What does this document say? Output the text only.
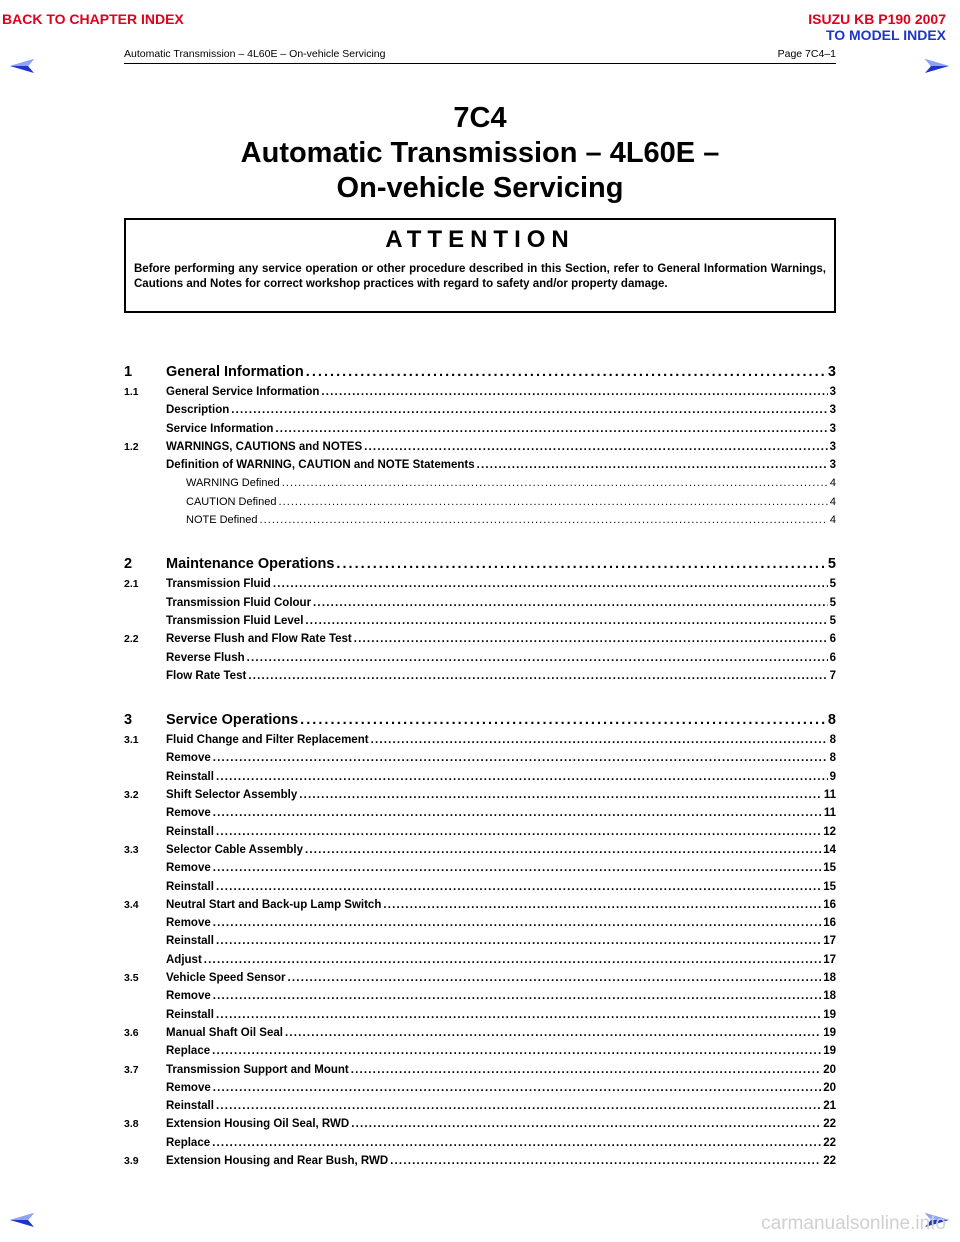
BACK TO CHAPTER INDEX	ISUZU KB P190 2007
TO MODEL INDEX
Automatic Transmission – 4L60E – On-vehicle Servicing	Page 7C4–1
7C4
Automatic Transmission – 4L60E –
On-vehicle Servicing
ATTENTION
Before performing any service operation or other procedure described in this Section, refer to General Information Warnings, Cautions and Notes for correct workshop practices with regard to safety and/or property damage.
1	General Information . . .	3
1.1	General Service Information . . .	3
Description . . .	3
Service Information . . .	3
1.2	WARNINGS, CAUTIONS and NOTES . . .	3
Definition of WARNING, CAUTION and NOTE Statements . . .	3
WARNING Defined . . .	4
CAUTION Defined . . .	4
NOTE Defined . . .	4
2	Maintenance Operations . . .	5
2.1	Transmission Fluid . . .	5
Transmission Fluid Colour . . .	5
Transmission Fluid Level . . .	5
2.2	Reverse Flush and Flow Rate Test . . .	6
Reverse Flush . . .	6
Flow Rate Test . . .	7
3	Service Operations . . .	8
3.1	Fluid Change and Filter Replacement . . .	8
Remove . . .	8
Reinstall . . .	9
3.2	Shift Selector Assembly . . .	11
Remove . . .	11
Reinstall . . .	12
3.3	Selector Cable Assembly . . .	14
Remove . . .	15
Reinstall . . .	15
3.4	Neutral Start and Back-up Lamp Switch . . .	16
Remove . . .	16
Reinstall . . .	17
Adjust . . .	17
3.5	Vehicle Speed Sensor . . .	18
Remove . . .	18
Reinstall . . .	19
3.6	Manual Shaft Oil Seal . . .	19
Replace . . .	19
3.7	Transmission Support and Mount . . .	20
Remove . . .	20
Reinstall . . .	21
3.8	Extension Housing Oil Seal, RWD . . .	22
Replace . . .	22
3.9	Extension Housing and Rear Bush, RWD . . .	22
carmanualsonline.info
